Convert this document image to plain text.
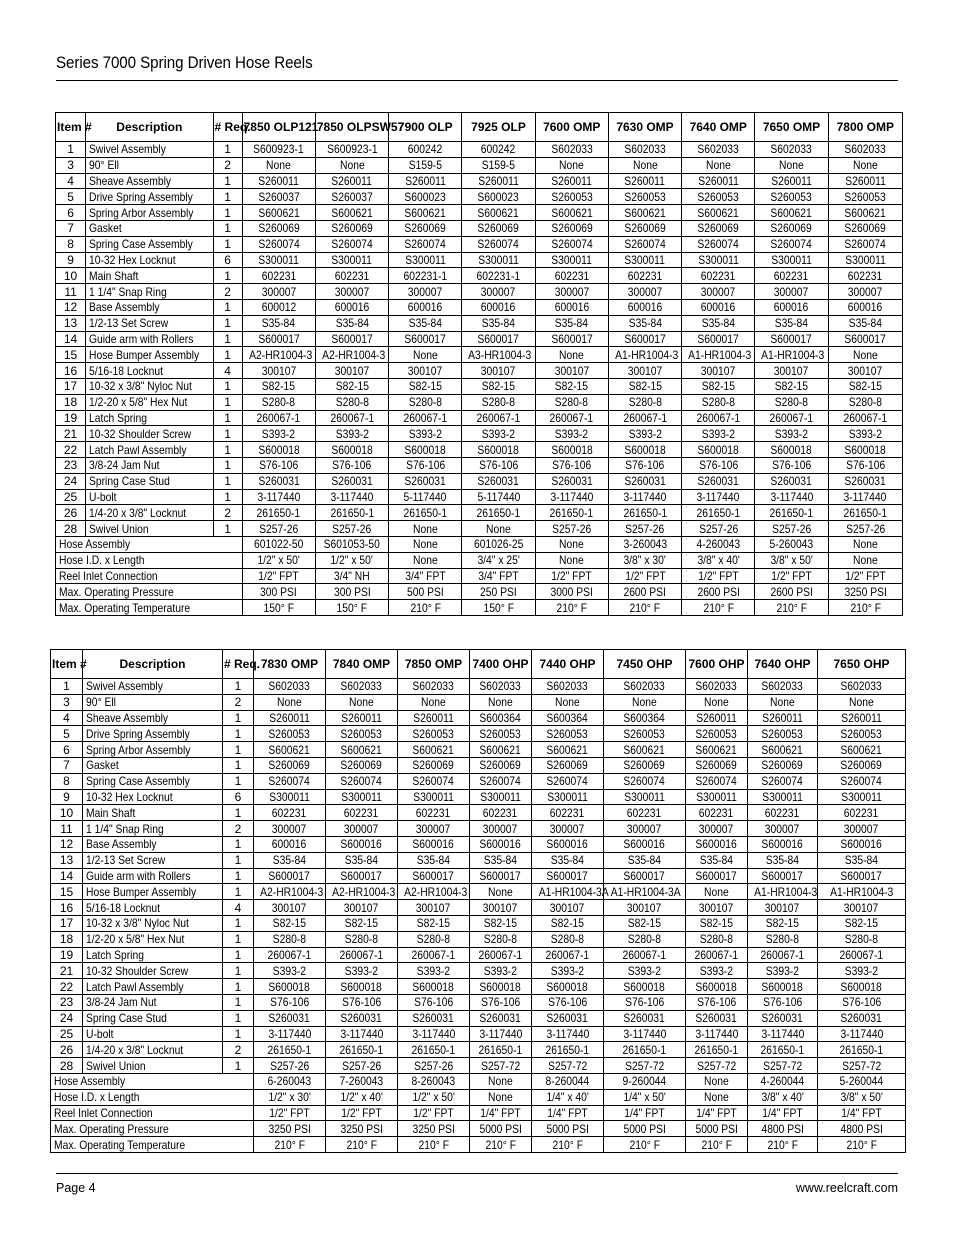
Series 7000 Spring Driven Hose Reels
Item #	Description	# Req.	7850 OLP121	7850 OLPSW57	7900 OLP	7925 OLP	7600 OMP	7630 OMP	7640 OMP	7650 OMP	7800 OMP
1	Swivel Assembly	1	S600923-1	S600923-1	600242	600242	S602033	S602033	S602033	S602033	S602033
3	90° Ell	2	None	None	S159-5	S159-5	None	None	None	None	None
4	Sheave Assembly	1	S260011	S260011	S260011	S260011	S260011	S260011	S260011	S260011	S260011
5	Drive Spring Assembly	1	S260037	S260037	S600023	S600023	S260053	S260053	S260053	S260053	S260053
6	Spring Arbor Assembly	1	S600621	S600621	S600621	S600621	S600621	S600621	S600621	S600621	S600621
7	Gasket	1	S260069	S260069	S260069	S260069	S260069	S260069	S260069	S260069	S260069
8	Spring Case Assembly	1	S260074	S260074	S260074	S260074	S260074	S260074	S260074	S260074	S260074
9	10-32 Hex Locknut	6	S300011	S300011	S300011	S300011	S300011	S300011	S300011	S300011	S300011
10	Main Shaft	1	602231	602231	602231-1	602231-1	602231	602231	602231	602231	602231
11	1 1/4" Snap Ring	2	300007	300007	300007	300007	300007	300007	300007	300007	300007
12	Base Assembly	1	600012	600016	600016	600016	600016	600016	600016	600016	600016
13	1/2-13 Set Screw	1	S35-84	S35-84	S35-84	S35-84	S35-84	S35-84	S35-84	S35-84	S35-84
14	Guide arm with Rollers	1	S600017	S600017	S600017	S600017	S600017	S600017	S600017	S600017	S600017
15	Hose Bumper Assembly	1	A2-HR1004-3	A2-HR1004-3	None	A3-HR1004-3	None	A1-HR1004-3	A1-HR1004-3	A1-HR1004-3	None
16	5/16-18 Locknut	4	300107	300107	300107	300107	300107	300107	300107	300107	300107
17	10-32 x 3/8" Nyloc Nut	1	S82-15	S82-15	S82-15	S82-15	S82-15	S82-15	S82-15	S82-15	S82-15
18	1/2-20 x 5/8" Hex Nut	1	S280-8	S280-8	S280-8	S280-8	S280-8	S280-8	S280-8	S280-8	S280-8
19	Latch Spring	1	260067-1	260067-1	260067-1	260067-1	260067-1	260067-1	260067-1	260067-1	260067-1
21	10-32 Shoulder Screw	1	S393-2	S393-2	S393-2	S393-2	S393-2	S393-2	S393-2	S393-2	S393-2
22	Latch Pawl Assembly	1	S600018	S600018	S600018	S600018	S600018	S600018	S600018	S600018	S600018
23	3/8-24 Jam Nut	1	S76-106	S76-106	S76-106	S76-106	S76-106	S76-106	S76-106	S76-106	S76-106
24	Spring Case Stud	1	S260031	S260031	S260031	S260031	S260031	S260031	S260031	S260031	S260031
25	U-bolt	1	3-117440	3-117440	5-117440	5-117440	3-117440	3-117440	3-117440	3-117440	3-117440
26	1/4-20 x 3/8" Locknut	2	261650-1	261650-1	261650-1	261650-1	261650-1	261650-1	261650-1	261650-1	261650-1
28	Swivel Union	1	S257-26	S257-26	None	None	S257-26	S257-26	S257-26	S257-26	S257-26
Hose Assembly			601022-50	S601053-50	None	601026-25	None	3-260043	4-260043	5-260043	None
Hose I.D. x Length			1/2" x 50'	1/2" x 50'	None	3/4" x 25'	None	3/8" x 30'	3/8" x 40'	3/8" x 50'	None
Reel Inlet Connection			1/2" FPT	3/4" NH	3/4" FPT	3/4" FPT	1/2" FPT	1/2" FPT	1/2" FPT	1/2" FPT	1/2" FPT
Max. Operating Pressure			300 PSI	300 PSI	500 PSI	250 PSI	3000 PSI	2600 PSI	2600 PSI	2600 PSI	3250 PSI
Max. Operating Temperature			150° F	150° F	210° F	150° F	210° F	210° F	210° F	210° F	210° F
Item #	Description	# Req.	7830 OMP	7840 OMP	7850 OMP	7400 OHP	7440 OHP	7450 OHP	7600 OHP	7640 OHP	7650 OHP
1	Swivel Assembly	1	S602033	S602033	S602033	S602033	S602033	S602033	S602033	S602033	S602033
3	90° Ell	2	None	None	None	None	None	None	None	None	None
4	Sheave Assembly	1	S260011	S260011	S260011	S600364	S600364	S600364	S260011	S260011	S260011
5	Drive Spring Assembly	1	S260053	S260053	S260053	S260053	S260053	S260053	S260053	S260053	S260053
6	Spring Arbor Assembly	1	S600621	S600621	S600621	S600621	S600621	S600621	S600621	S600621	S600621
7	Gasket	1	S260069	S260069	S260069	S260069	S260069	S260069	S260069	S260069	S260069
8	Spring Case Assembly	1	S260074	S260074	S260074	S260074	S260074	S260074	S260074	S260074	S260074
9	10-32 Hex Locknut	6	S300011	S300011	S300011	S300011	S300011	S300011	S300011	S300011	S300011
10	Main Shaft	1	602231	602231	602231	602231	602231	602231	602231	602231	602231
11	1 1/4" Snap Ring	2	300007	300007	300007	300007	300007	300007	300007	300007	300007
12	Base Assembly	1	600016	S600016	S600016	S600016	S600016	S600016	S600016	S600016	S600016
13	1/2-13 Set Screw	1	S35-84	S35-84	S35-84	S35-84	S35-84	S35-84	S35-84	S35-84	S35-84
14	Guide arm with Rollers	1	S600017	S600017	S600017	S600017	S600017	S600017	S600017	S600017	S600017
15	Hose Bumper Assembly	1	A2-HR1004-3	A2-HR1004-3	A2-HR1004-3	None	A1-HR1004-3A	A1-HR1004-3A	None	A1-HR1004-3	A1-HR1004-3
16	5/16-18 Locknut	4	300107	300107	300107	300107	300107	300107	300107	300107	300107
17	10-32 x 3/8" Nyloc Nut	1	S82-15	S82-15	S82-15	S82-15	S82-15	S82-15	S82-15	S82-15	S82-15
18	1/2-20 x 5/8" Hex Nut	1	S280-8	S280-8	S280-8	S280-8	S280-8	S280-8	S280-8	S280-8	S280-8
19	Latch Spring	1	260067-1	260067-1	260067-1	260067-1	260067-1	260067-1	260067-1	260067-1	260067-1
21	10-32 Shoulder Screw	1	S393-2	S393-2	S393-2	S393-2	S393-2	S393-2	S393-2	S393-2	S393-2
22	Latch Pawl Assembly	1	S600018	S600018	S600018	S600018	S600018	S600018	S600018	S600018	S600018
23	3/8-24 Jam Nut	1	S76-106	S76-106	S76-106	S76-106	S76-106	S76-106	S76-106	S76-106	S76-106
24	Spring Case Stud	1	S260031	S260031	S260031	S260031	S260031	S260031	S260031	S260031	S260031
25	U-bolt	1	3-117440	3-117440	3-117440	3-117440	3-117440	3-117440	3-117440	3-117440	3-117440
26	1/4-20 x 3/8" Locknut	2	261650-1	261650-1	261650-1	261650-1	261650-1	261650-1	261650-1	261650-1	261650-1
28	Swivel Union	1	S257-26	S257-26	S257-26	S257-72	S257-72	S257-72	S257-72	S257-72	S257-72
Hose Assembly			6-260043	7-260043	8-260043	None	8-260044	9-260044	None	4-260044	5-260044
Hose I.D. x Length			1/2" x 30'	1/2" x 40'	1/2" x 50'	None	1/4" x 40'	1/4" x 50'	None	3/8" x 40'	3/8" x 50'
Reel Inlet Connection			1/2" FPT	1/2" FPT	1/2" FPT	1/4" FPT	1/4" FPT	1/4" FPT	1/4" FPT	1/4" FPT	1/4" FPT
Max. Operating Pressure			3250 PSI	3250 PSI	3250 PSI	5000 PSI	5000 PSI	5000 PSI	5000 PSI	4800 PSI	4800 PSI
Max. Operating Temperature			210° F	210° F	210° F	210° F	210° F	210° F	210° F	210° F	210° F
Page 4	www.reelcraft.com
